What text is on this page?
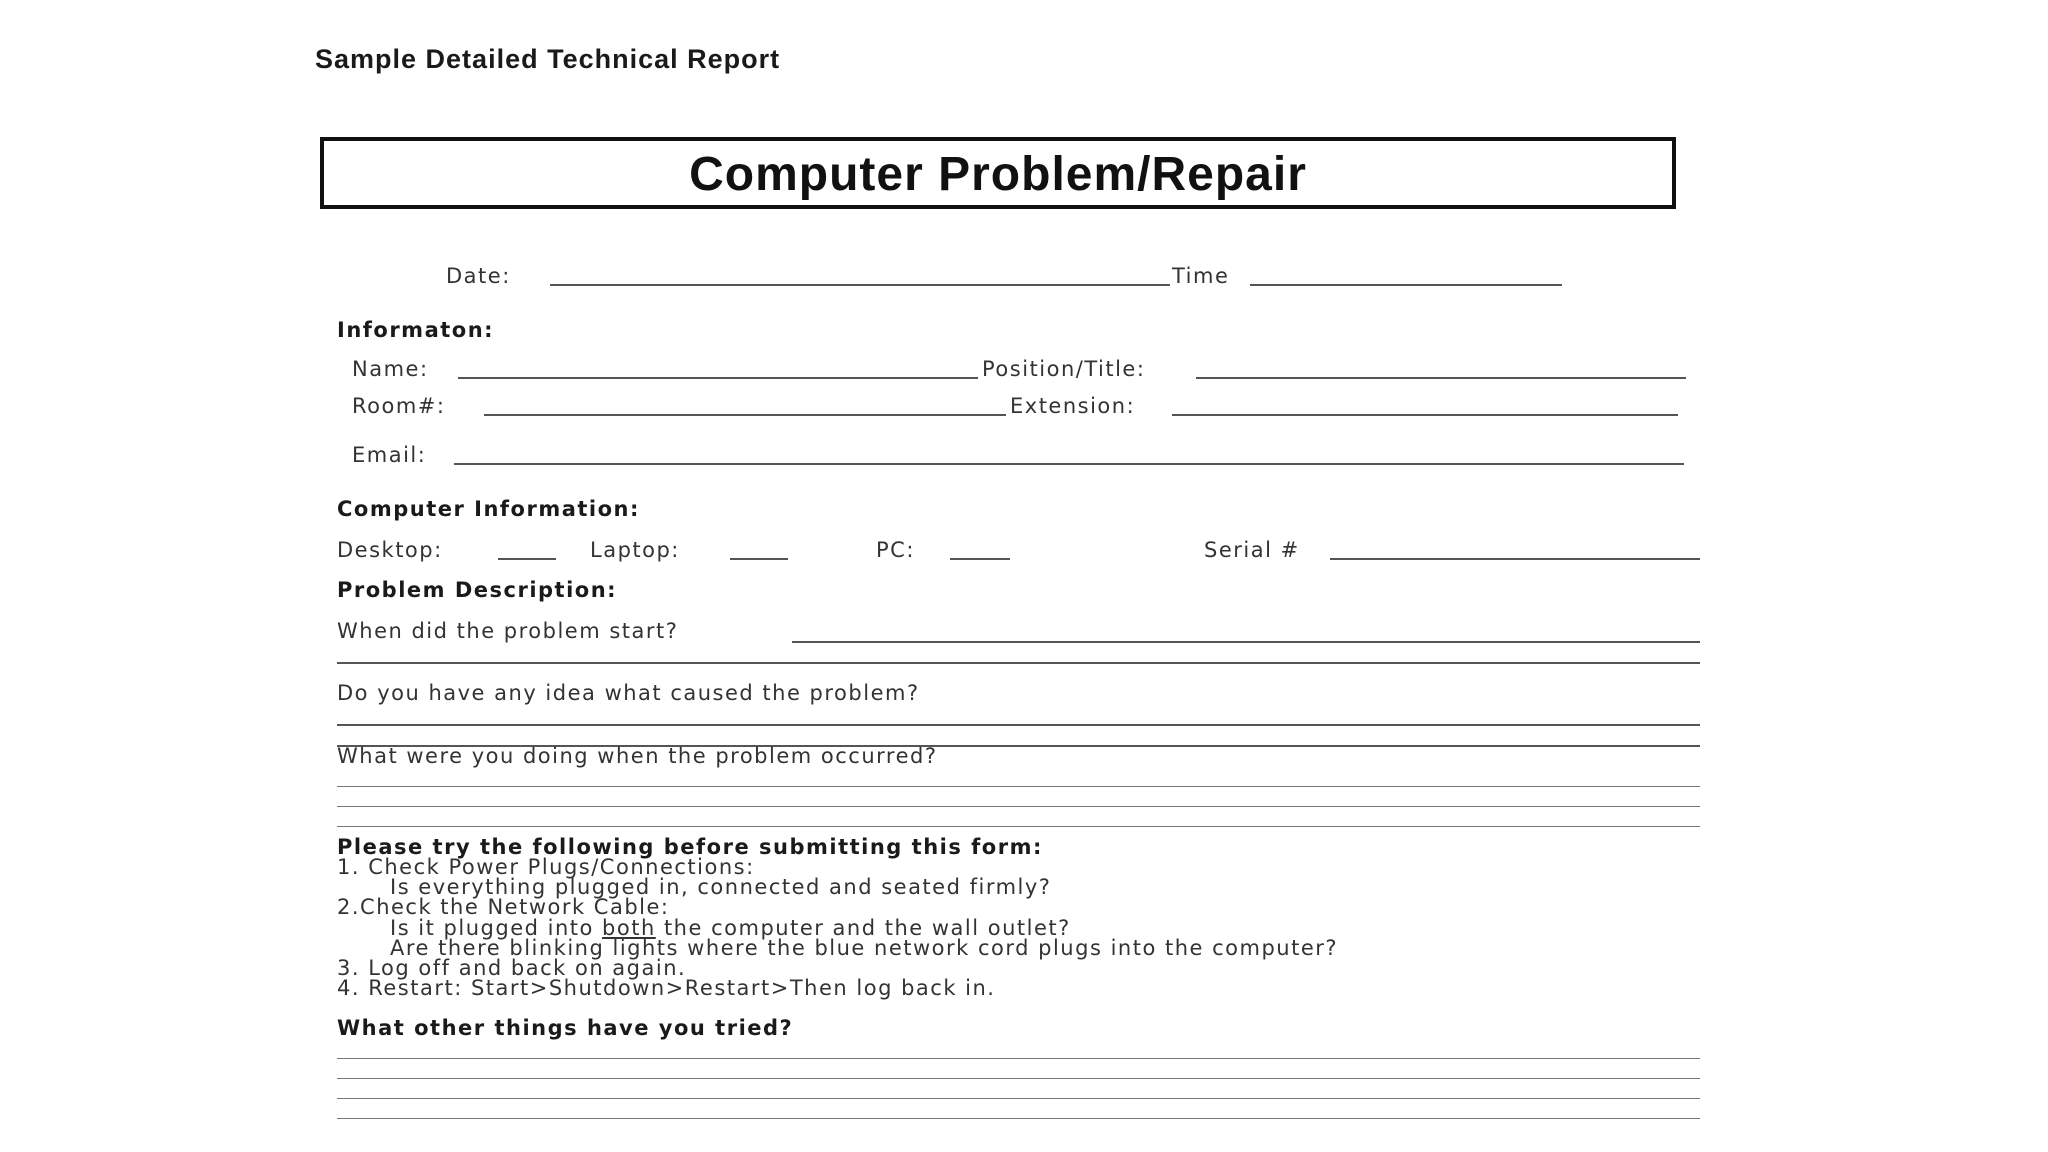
Sample Detailed Technical Report
Computer Problem/Repair
Date:	Time
Informaton:
Name:	Position/Title:
Room#:	Extension:
Email:
Computer Information:
Desktop:	Laptop:	PC:	Serial #
Problem Description:
When did the problem start?
Do you have any idea what caused the problem?
What were you doing when the problem occurred?
Please try the following before submitting this form:
1. Check Power Plugs/Connections:
Is everything plugged in, connected and seated firmly?
2.Check the Network Cable:
Is it plugged into both the computer and the wall outlet?
Are there blinking lights where the blue network cord plugs into the computer?
3. Log off and back on again.
4. Restart: Start>Shutdown>Restart>Then log back in.
What other things have you tried?
